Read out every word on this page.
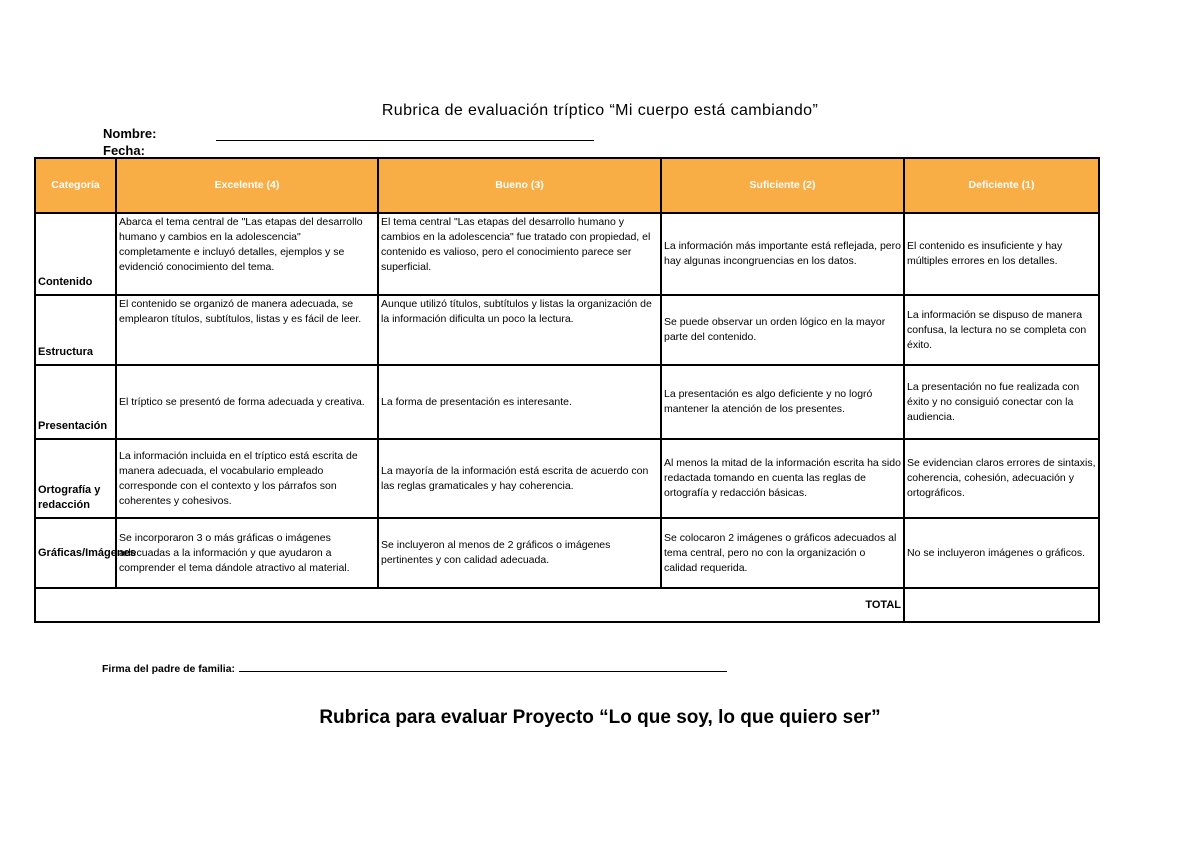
Rubrica de evaluación tríptico “Mi cuerpo está cambiando”
Nombre:
Fecha:
Categoría	Excelente (4)	Bueno (3)	Suficiente (2)	Deficiente (1)
Contenido	Abarca el tema central de "Las etapas del desarrollo humano y cambios en la adolescencia" completamente e incluyó detalles, ejemplos y se evidenció conocimiento del tema.	El tema central "Las etapas del desarrollo humano y cambios en la adolescencia" fue tratado con propiedad, el contenido es valioso, pero el conocimiento parece ser superficial.	La información más importante está reflejada, pero hay algunas incongruencias en los datos.	El contenido es insuficiente y hay múltiples errores en los detalles.
Estructura	El contenido se organizó de manera adecuada, se emplearon títulos, subtítulos, listas y es fácil de leer.	Aunque utilizó títulos, subtítulos y listas la organización de la información dificulta un poco la lectura.	Se puede observar un orden lógico en la mayor parte del contenido.	La información se dispuso de manera confusa, la lectura no se completa con éxito.
Presentación	El tríptico se presentó de forma adecuada y creativa.	La forma de presentación es interesante.	La presentación es algo deficiente y no logró mantener la atención de los presentes.	La presentación no fue realizada con éxito y no consiguió conectar con la audiencia.
Ortografía y redacción	La información incluida en el tríptico está escrita de manera adecuada, el vocabulario empleado corresponde con el contexto y los párrafos son coherentes y cohesivos.	La mayoría de la información está escrita de acuerdo con las reglas gramaticales y hay coherencia.	Al menos la mitad de la información escrita ha sido redactada tomando en cuenta las reglas de ortografía y redacción básicas.	Se evidencian claros errores de sintaxis, coherencia, cohesión, adecuación y ortográficos.
Gráficas/Imágenes	Se incorporaron 3 o más gráficas o imágenes adecuadas a la información y que ayudaron a comprender el tema dándole atractivo al material.	Se incluyeron al menos de 2 gráficos o imágenes pertinentes y con calidad adecuada.	Se colocaron 2 imágenes o gráficos adecuados al tema central, pero no con la organización o calidad requerida.	No se incluyeron imágenes o gráficos.
TOTAL				
Firma del padre de familia:
Rubrica para evaluar Proyecto “Lo que soy, lo que quiero ser”
